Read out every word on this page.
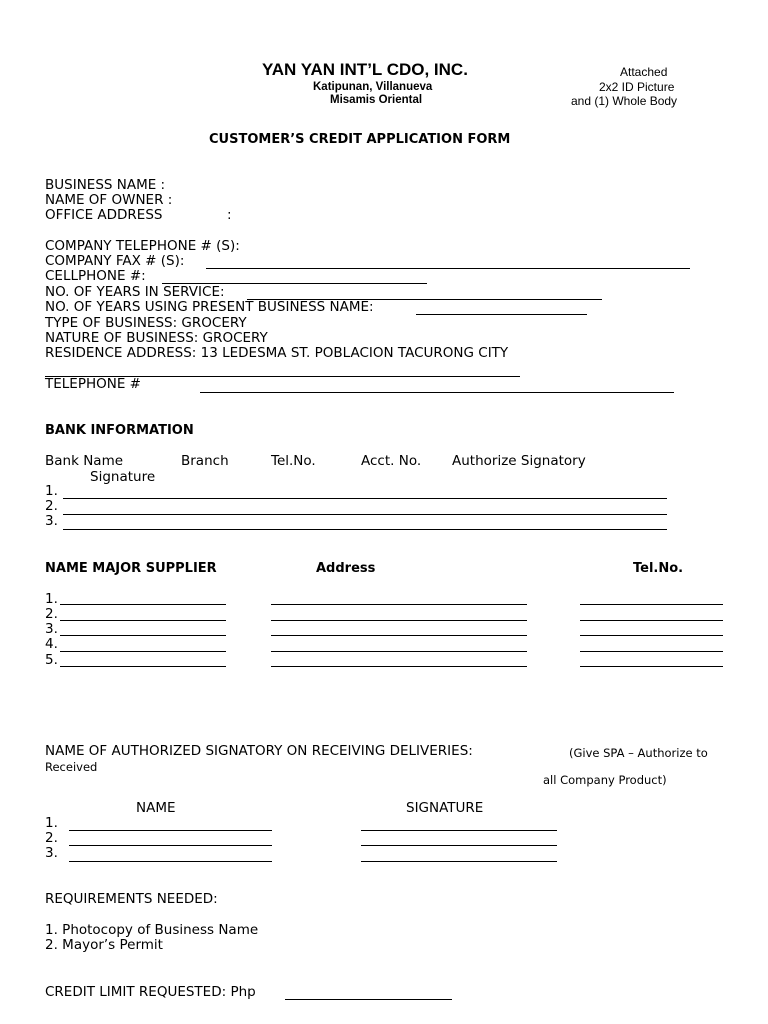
YAN YAN INT’L CDO, INC.
Katipunan, Villanueva
Misamis Oriental
Attached
2x2 ID Picture
and (1) Whole Body
CUSTOMER’S CREDIT APPLICATION FORM
BUSINESS NAME :
NAME OF OWNER :
OFFICE ADDRESS	:
COMPANY TELEPHONE # (S):
COMPANY FAX # (S):
CELLPHONE #:
NO. OF YEARS IN SERVICE:
NO. OF YEARS USING PRESENT BUSINESS NAME:
TYPE OF BUSINESS: GROCERY
NATURE OF BUSINESS: GROCERY
RESIDENCE ADDRESS: 13 LEDESMA ST. POBLACION TACURONG CITY
TELEPHONE #
BANK INFORMATION
Bank Name	Branch	Tel.No.	Acct. No. Authorize Signatory
Signature
1.
2.
3.
NAME MAJOR SUPPLIER	Address	Tel.No.
1.
2.
3.
4.
5.
NAME OF AUTHORIZED SIGNATORY ON RECEIVING DELIVERIES:	(Give SPA – Authorize to
Received
all Company Product)
NAME	SIGNATURE
1.
2.
3.
REQUIREMENTS NEEDED:
1. Photocopy of Business Name
2. Mayor’s Permit
CREDIT LIMIT REQUESTED: Php
